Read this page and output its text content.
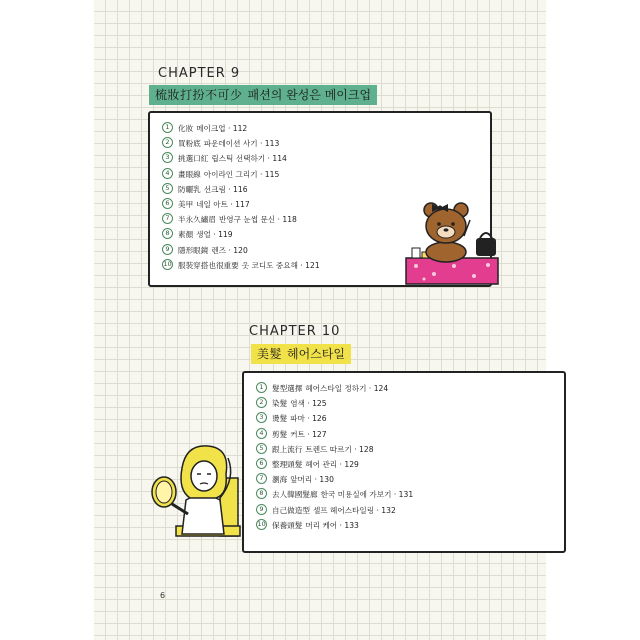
CHAPTER 9
梳妝打扮不可少 패션의 완성은 메이크업
1	化妝 메이크업 · 112
2	買粉底 파운데이션 사기 · 113
3	挑選口紅 립스틱 선택하기 · 114
4	畫眼線 아이라인 그리기 · 115
5	防曬乳 선크림 · 116
6	美甲 네일 아트 · 117
7	半永久繡眉 반영구 눈썹 문신 · 118
8	素顏 생얼 · 119
9	隱形眼鏡 렌즈 · 120
10 服裝穿搭也很重要 옷 코디도 중요해 · 121
CHAPTER 10
美髮 헤어스타일
1	髮型選擇 헤어스타일 정하기 · 124
2	染髮 염색 · 125
3	燙髮 파마 · 126
4	剪髮 커트 · 127
5	跟上流行 트렌드 따르기 · 128
6	整理頭髮 헤어 관리 · 129
7	瀏海 앞머리 · 130
8	去人韓國髮廊 한국 미용실에 가보기 · 131
9	自己做造型 셀프 헤어스타일링 · 132
10 保養頭髮 머리 케어 · 133
6
